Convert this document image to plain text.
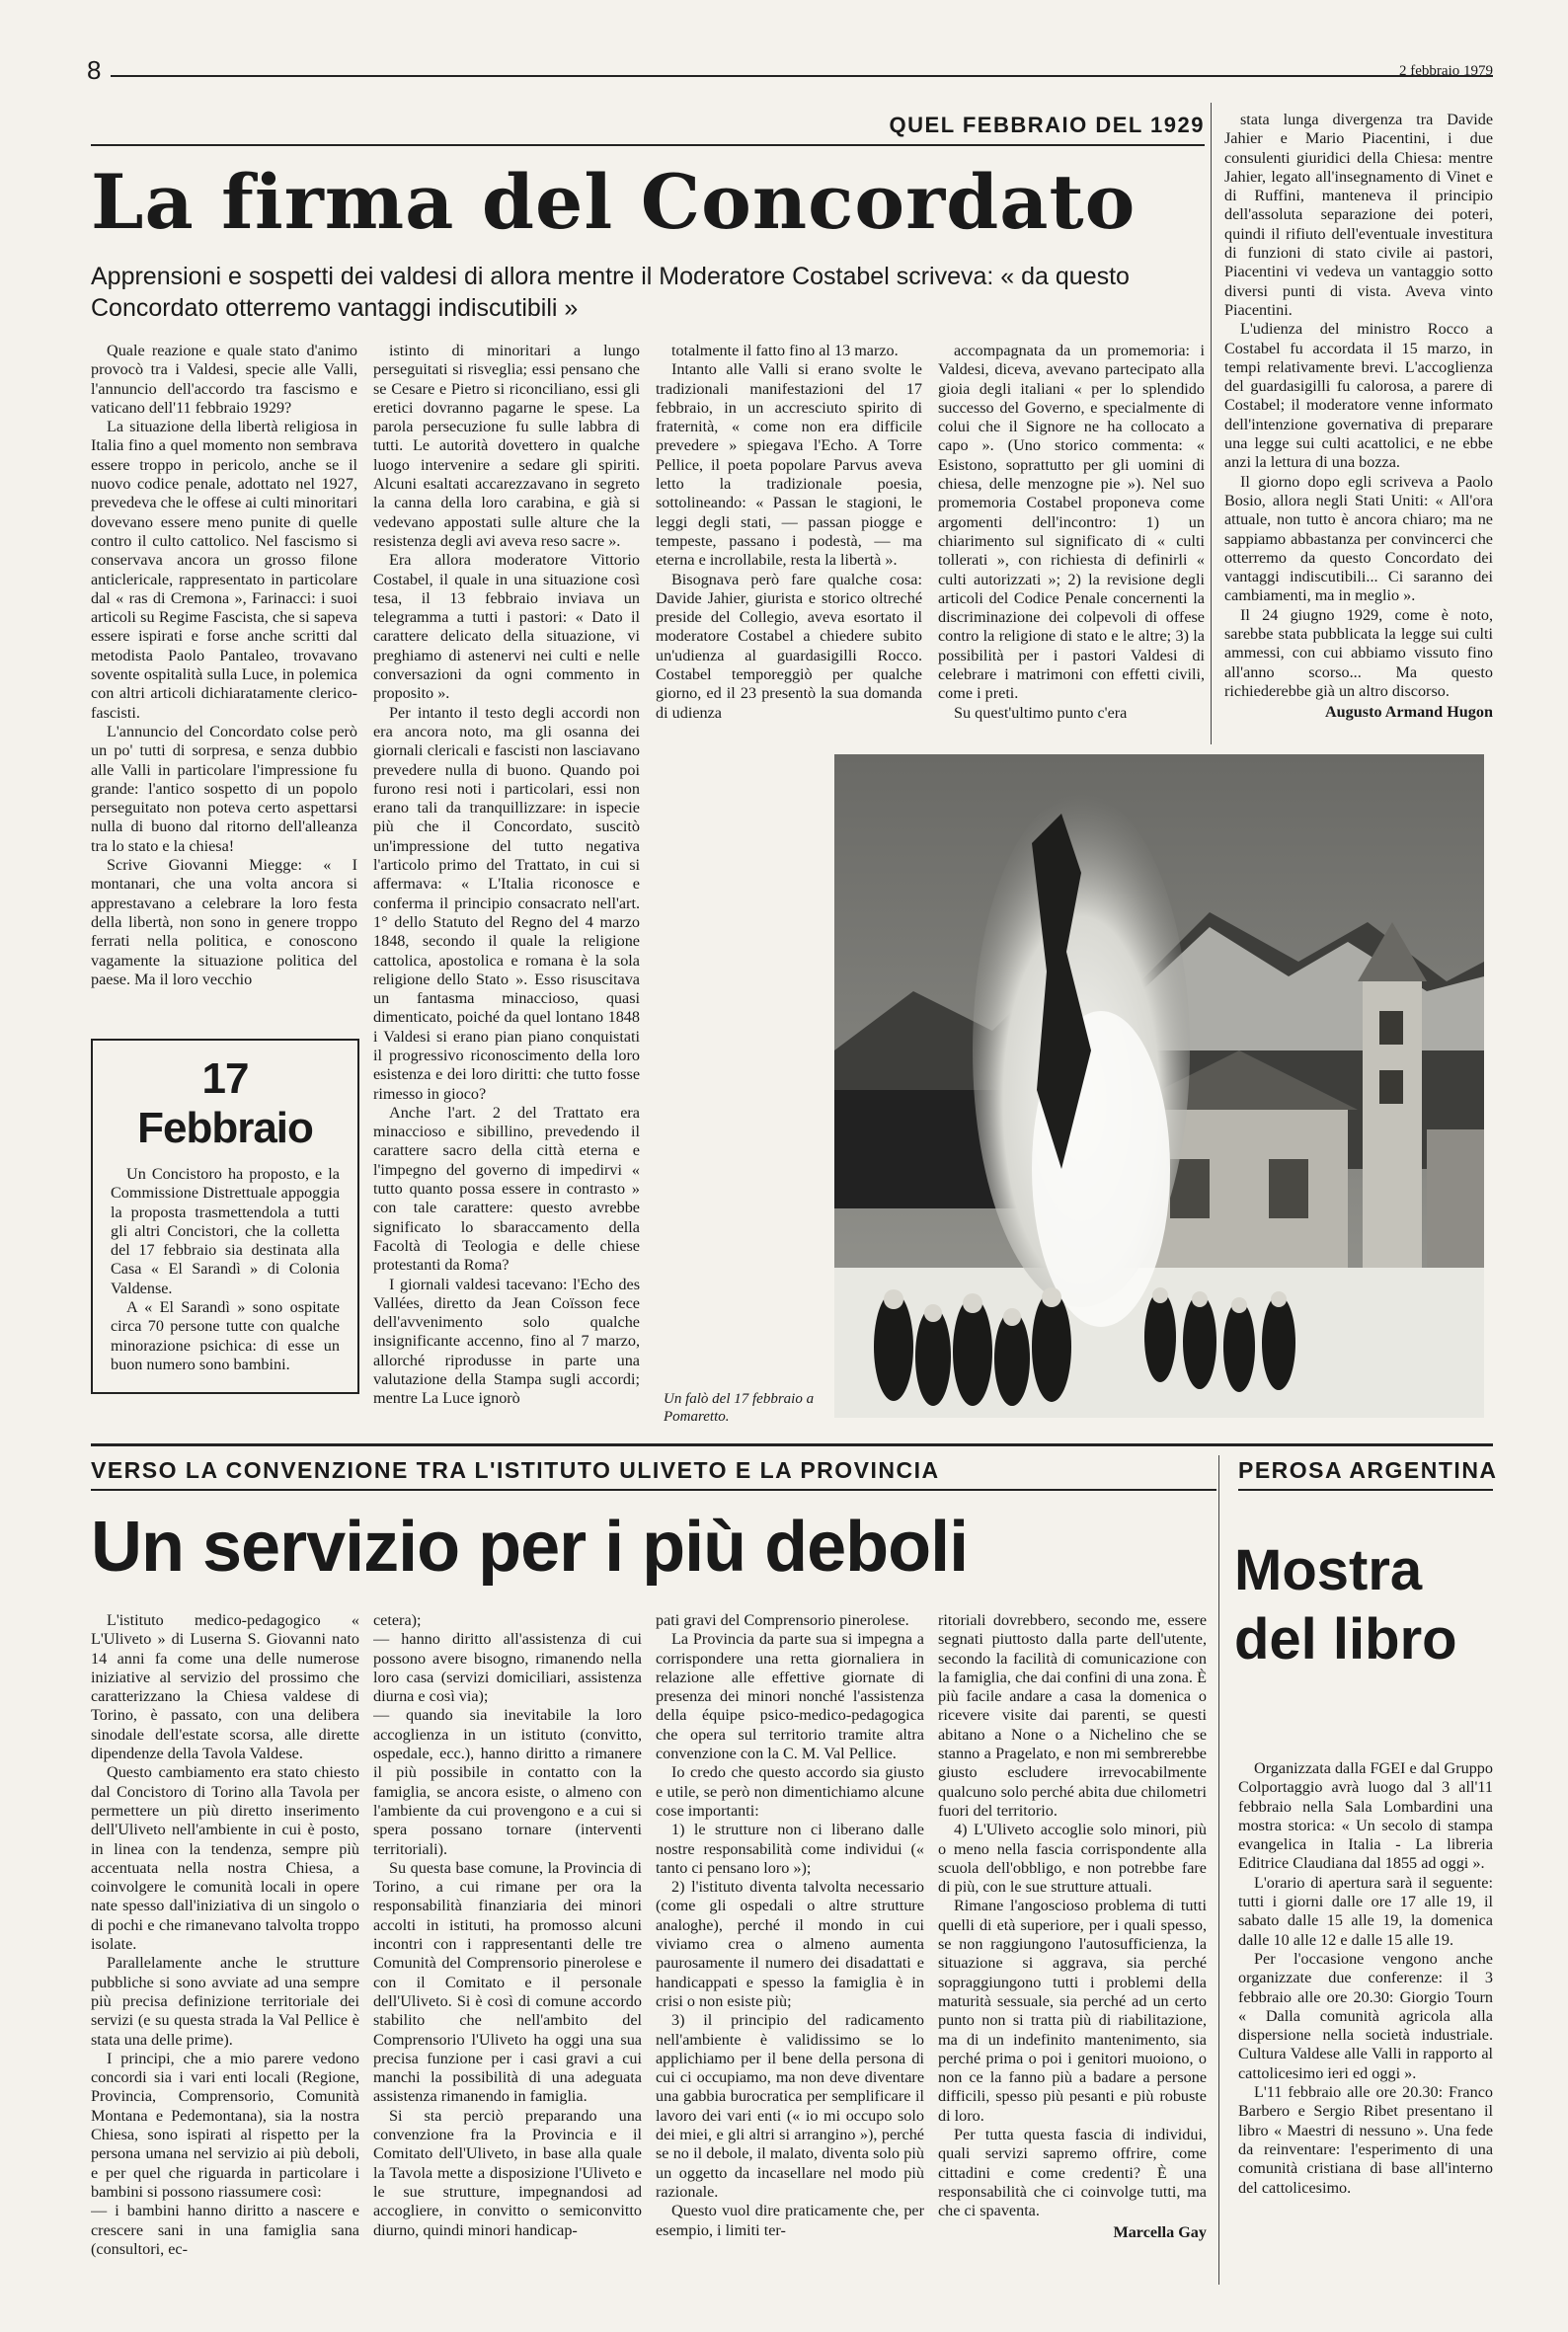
8	2 febbraio 1979
QUEL FEBBRAIO DEL 1929
La firma del Concordato
Apprensioni e sospetti dei valdesi di allora mentre il Moderatore Costabel scriveva: « da questo Concordato otterremo vantaggi indiscutibili »

Quale reazione e quale stato d'animo provocò tra i Valdesi, specie alle Valli, l'annuncio dell'accordo tra fascismo e vaticano dell'11 febbraio 1929?

La situazione della libertà religiosa in Italia fino a quel momento non sembrava essere troppo in pericolo, anche se il nuovo codice penale, adottato nel 1927, prevedeva che le offese ai culti minoritari dovevano essere meno punite di quelle contro il culto cattolico. Nel fascismo si conservava ancora un grosso filone anticlericale, rappresentato in particolare dal « ras di Cremona », Farinacci: i suoi articoli su Regime Fascista, che si sapeva essere ispirati e forse anche scritti dal metodista Paolo Pantaleo, trovavano sovente ospitalità sulla Luce, in polemica con altri articoli dichiaratamente clerico-fascisti.

L'annuncio del Concordato colse però un po' tutti di sorpresa, e senza dubbio alle Valli in particolare l'impressione fu grande: l'antico sospetto di un popolo perseguitato non poteva certo aspettarsi nulla di buono dal ritorno dell'alleanza tra lo stato e la chiesa!

Scrive Giovanni Miegge: « I montanari, che una volta ancora si apprestavano a celebrare la loro festa della libertà, non sono in genere troppo ferrati nella politica, e conoscono vagamente la situazione politica del paese. Ma il loro vecchio

17 Febbraio

Un Concistoro ha proposto, e la Commissione Distrettuale appoggia la proposta trasmettendola a tutti gli altri Concistori, che la colletta del 17 febbraio sia destinata alla Casa « El Sarandì » di Colonia Valdense.

A « El Sarandì » sono ospitate circa 70 persone tutte con qualche minorazione psichica: di esse un buon numero sono bambini.

istinto di minoritari a lungo perseguitati si risveglia; essi pensano che se Cesare e Pietro si riconciliano, essi gli eretici dovranno pagarne le spese. La parola persecuzione fu sulle labbra di tutti. Le autorità dovettero in qualche luogo intervenire a sedare gli spiriti. Alcuni esaltati accarezzavano in segreto la canna della loro carabina, e già si vedevano appostati sulle alture che la resistenza degli avi aveva reso sacre ».

Era allora moderatore Vittorio Costabel, il quale in una situazione così tesa, il 13 febbraio inviava un telegramma a tutti i pastori: « Dato il carattere delicato della situazione, vi preghiamo di astenervi nei culti e nelle conversazioni da ogni commento in proposito ».

Per intanto il testo degli accordi non era ancora noto, ma gli osanna dei giornali clericali e fascisti non lasciavano prevedere nulla di buono. Quando poi furono resi noti i particolari, essi non erano tali da tranquillizzare: in ispecie più che il Concordato, suscitò un'impressione del tutto negativa l'articolo primo del Trattato, in cui si affermava: « L'Italia riconosce e conferma il principio consacrato nell'art. 1° dello Statuto del Regno del 4 marzo 1848, secondo il quale la religione cattolica, apostolica e romana è la sola religione dello Stato ». Esso risuscitava un fantasma minaccioso, quasi dimenticato, poiché da quel lontano 1848 i Valdesi si erano pian piano conquistati il progressivo riconoscimento della loro esistenza e dei loro diritti: che tutto fosse rimesso in gioco?

Anche l'art. 2 del Trattato era minaccioso e sibillino, prevedendo il carattere sacro della città eterna e l'impegno del governo di impedirvi « tutto quanto possa essere in contrasto » con tale carattere: questo avrebbe significato lo sbaraccamento della Facoltà di Teologia e delle chiese protestanti da Roma?

I giornali valdesi tacevano: l'Echo des Vallées, diretto da Jean Coïsson fece dell'avvenimento solo qualche insignificante accenno, fino al 7 marzo, allorché riprodusse in parte una valutazione della Stampa sugli accordi; mentre La Luce ignorò

totalmente il fatto fino al 13 marzo.

Intanto alle Valli si erano svolte le tradizionali manifestazioni del 17 febbraio, in un accresciuto spirito di fraternità, « come non era difficile prevedere » spiegava l'Echo. A Torre Pellice, il poeta popolare Parvus aveva letto la tradizionale poesia, sottolineando: « Passan le stagioni, le leggi degli stati, — passan piogge e tempeste, passano i podestà, — ma eterna e incrollabile, resta la libertà ».

Bisognava però fare qualche cosa: Davide Jahier, giurista e storico oltreché preside del Collegio, aveva esortato il moderatore Costabel a chiedere subito un'udienza al guardasigilli Rocco. Costabel temporeggiò per qualche giorno, ed il 23 presentò la sua domanda di udienza

accompagnata da un promemoria: i Valdesi, diceva, avevano partecipato alla gioia degli italiani « per lo splendido successo del Governo, e specialmente di colui che il Signore ne ha collocato a capo ». (Uno storico commenta: « Esistono, soprattutto per gli uomini di chiesa, delle menzogne pie »). Nel suo promemoria Costabel proponeva come argomenti dell'incontro: 1) un chiarimento sul significato di « culti tollerati », con richiesta di definirli « culti autorizzati »; 2) la revisione degli articoli del Codice Penale concernenti la discriminazione dei colpevoli di offese contro la religione di stato e le altre; 3) la possibilità per i pastori Valdesi di celebrare i matrimoni con effetti civili, come i preti.

Su quest'ultimo punto c'era

stata lunga divergenza tra Davide Jahier e Mario Piacentini, i due consulenti giuridici della Chiesa: mentre Jahier, legato all'insegnamento di Vinet e di Ruffini, manteneva il principio dell'assoluta separazione dei poteri, quindi il rifiuto dell'eventuale investitura di funzioni di stato civile ai pastori, Piacentini vi vedeva un vantaggio sotto diversi punti di vista. Aveva vinto Piacentini.

L'udienza del ministro Rocco a Costabel fu accordata il 15 marzo, in tempi relativamente brevi. L'accoglienza del guardasigilli fu calorosa, a parere di Costabel; il moderatore venne informato dell'intenzione governativa di preparare una legge sui culti acattolici, e ne ebbe anzi la lettura di una bozza.

Il giorno dopo egli scriveva a Paolo Bosio, allora negli Stati Uniti: « All'ora attuale, non tutto è ancora chiaro; ma ne sappiamo abbastanza per convincerci che otterremo da questo Concordato dei vantaggi indiscutibili... Ci saranno dei cambiamenti, ma in meglio ».

Il 24 giugno 1929, come è noto, sarebbe stata pubblicata la legge sui culti ammessi, con cui abbiamo vissuto fino all'anno scorso... Ma questo richiederebbe già un altro discorso.

Augusto Armand Hugon

Un falò del 17 febbraio a Pomaretto.
VERSO LA CONVENZIONE TRA L'ISTITUTO ULIVETO E LA PROVINCIA
Un servizio per i più deboli

L'istituto medico-pedagogico « L'Uliveto » di Luserna S. Giovanni nato 14 anni fa come una delle numerose iniziative al servizio del prossimo che caratterizzano la Chiesa valdese di Torino, è passato, con una delibera sinodale dell'estate scorsa, alle dirette dipendenze della Tavola Valdese.

Questo cambiamento era stato chiesto dal Concistoro di Torino alla Tavola per permettere un più diretto inserimento dell'Uliveto nell'ambiente in cui è posto, in linea con la tendenza, sempre più accentuata nella nostra Chiesa, a coinvolgere le comunità locali in opere nate spesso dall'iniziativa di un singolo o di pochi e che rimanevano talvolta troppo isolate.

Parallelamente anche le strutture pubbliche si sono avviate ad una sempre più precisa definizione territoriale dei servizi (e su questa strada la Val Pellice è stata una delle prime).

I principi, che a mio parere vedono concordi sia i vari enti locali (Regione, Provincia, Comprensorio, Comunità Montana e Pedemontana), sia la nostra Chiesa, sono ispirati al rispetto per la persona umana nel servizio ai più deboli, e per quel che riguarda in particolare i bambini si possono riassumere così:

— i bambini hanno diritto a nascere e crescere sani in una famiglia sana (consultori, ec-

cetera);

— hanno diritto all'assistenza di cui possono avere bisogno, rimanendo nella loro casa (servizi domiciliari, assistenza diurna e così via);

— quando sia inevitabile la loro accoglienza in un istituto (convitto, ospedale, ecc.), hanno diritto a rimanere il più possibile in contatto con la famiglia, se ancora esiste, o almeno con l'ambiente da cui provengono e a cui si spera possano tornare (interventi territoriali).

Su questa base comune, la Provincia di Torino, a cui rimane per ora la responsabilità finanziaria dei minori accolti in istituti, ha promosso alcuni incontri con i rappresentanti delle tre Comunità del Comprensorio pinerolese e con il Comitato e il personale dell'Uliveto. Si è così di comune accordo stabilito che nell'ambito del Comprensorio l'Uliveto ha oggi una sua precisa funzione per i casi gravi a cui manchi la possibilità di una adeguata assistenza rimanendo in famiglia.

Si sta perciò preparando una convenzione fra la Provincia e il Comitato dell'Uliveto, in base alla quale la Tavola mette a disposizione l'Uliveto e le sue strutture, impegnandosi ad accogliere, in convitto o semiconvitto diurno, quindi minori handicap-

pati gravi del Comprensorio pinerolese.

La Provincia da parte sua si impegna a corrispondere una retta giornaliera in relazione alle effettive giornate di presenza dei minori nonché l'assistenza della équipe psico-medico-pedagogica che opera sul territorio tramite altra convenzione con la C. M. Val Pellice.

Io credo che questo accordo sia giusto e utile, se però non dimentichiamo alcune cose importanti:

1) le strutture non ci liberano dalle nostre responsabilità come individui (« tanto ci pensano loro »);

2) l'istituto diventa talvolta necessario (come gli ospedali o altre strutture analoghe), perché il mondo in cui viviamo crea o almeno aumenta paurosamente il numero dei disadattati e handicappati e spesso la famiglia è in crisi o non esiste più;

3) il principio del radicamento nell'ambiente è validissimo se lo applichiamo per il bene della persona di cui ci occupiamo, ma non deve diventare una gabbia burocratica per semplificare il lavoro dei vari enti (« io mi occupo solo dei miei, e gli altri si arrangino »), perché se no il debole, il malato, diventa solo più un oggetto da incasellare nel modo più razionale.

Questo vuol dire praticamente che, per esempio, i limiti ter-

ritoriali dovrebbero, secondo me, essere segnati piuttosto dalla parte dell'utente, secondo la facilità di comunicazione con la famiglia, che dai confini di una zona. È più facile andare a casa la domenica o ricevere visite dai parenti, se questi abitano a None o a Nichelino che se stanno a Pragelato, e non mi sembrerebbe giusto escludere irrevocabilmente qualcuno solo perché abita due chilometri fuori del territorio.

4) L'Uliveto accoglie solo minori, più o meno nella fascia corrispondente alla scuola dell'obbligo, e non potrebbe fare di più, con le sue strutture attuali.

Rimane l'angoscioso problema di tutti quelli di età superiore, per i quali spesso, se non raggiungono l'autosufficienza, la situazione si aggrava, sia perché sopraggiungono tutti i problemi della maturità sessuale, sia perché ad un certo punto non si tratta più di riabilitazione, ma di un indefinito mantenimento, sia perché prima o poi i genitori muoiono, o non ce la fanno più a badare a persone difficili, spesso più pesanti e più robuste di loro.

Per tutta questa fascia di individui, quali servizi sapremo offrire, come cittadini e come credenti? È una responsabilità che ci coinvolge tutti, ma che ci spaventa.

Marcella Gay

PEROSA ARGENTINA
Mostra del libro

Organizzata dalla FGEI e dal Gruppo Colportaggio avrà luogo dal 3 all'11 febbraio nella Sala Lombardini una mostra storica: « Un secolo di stampa evangelica in Italia - La libreria Editrice Claudiana dal 1855 ad oggi ».

L'orario di apertura sarà il seguente: tutti i giorni dalle ore 17 alle 19, il sabato dalle 15 alle 19, la domenica dalle 10 alle 12 e dalle 15 alle 19.

Per l'occasione vengono anche organizzate due conferenze: il 3 febbraio alle ore 20.30: Giorgio Tourn « Dalla comunità agricola alla dispersione nella società industriale. Cultura Valdese alle Valli in rapporto al cattolicesimo ieri ed oggi ».

L'11 febbraio alle ore 20.30: Franco Barbero e Sergio Ribet presentano il libro « Maestri di nessuno ». Una fede da reinventare: l'esperimento di una comunità cristiana di base all'interno del cattolicesimo.
